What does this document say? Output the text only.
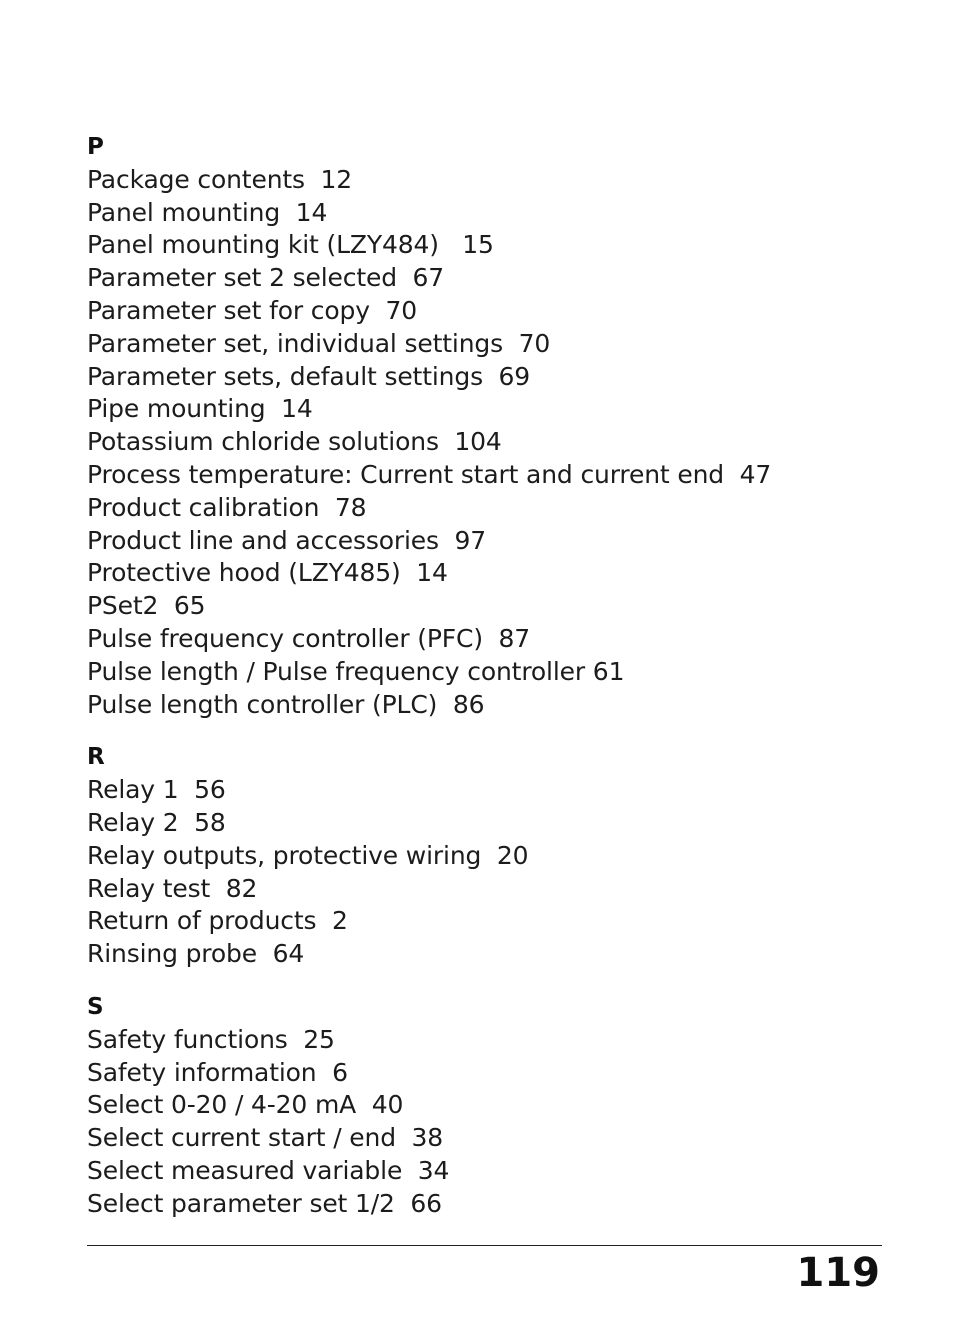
P
Package contents  12
Panel mounting  14
Panel mounting kit (LZY484)   15
Parameter set 2 selected  67
Parameter set for copy  70
Parameter set, individual settings  70
Parameter sets, default settings  69
Pipe mounting  14
Potassium chloride solutions  104
Process temperature: Current start and current end  47
Product calibration  78
Product line and accessories  97
Protective hood (LZY485)  14
PSet2  65
Pulse frequency controller (PFC)  87
Pulse length / Pulse frequency controller 61
Pulse length controller (PLC)  86
R
Relay 1  56
Relay 2  58
Relay outputs, protective wiring  20
Relay test  82
Return of products  2
Rinsing probe  64
S
Safety functions  25
Safety information  6
Select 0-20 / 4-20 mA  40
Select current start / end  38
Select measured variable  34
Select parameter set 1/2  66
119
